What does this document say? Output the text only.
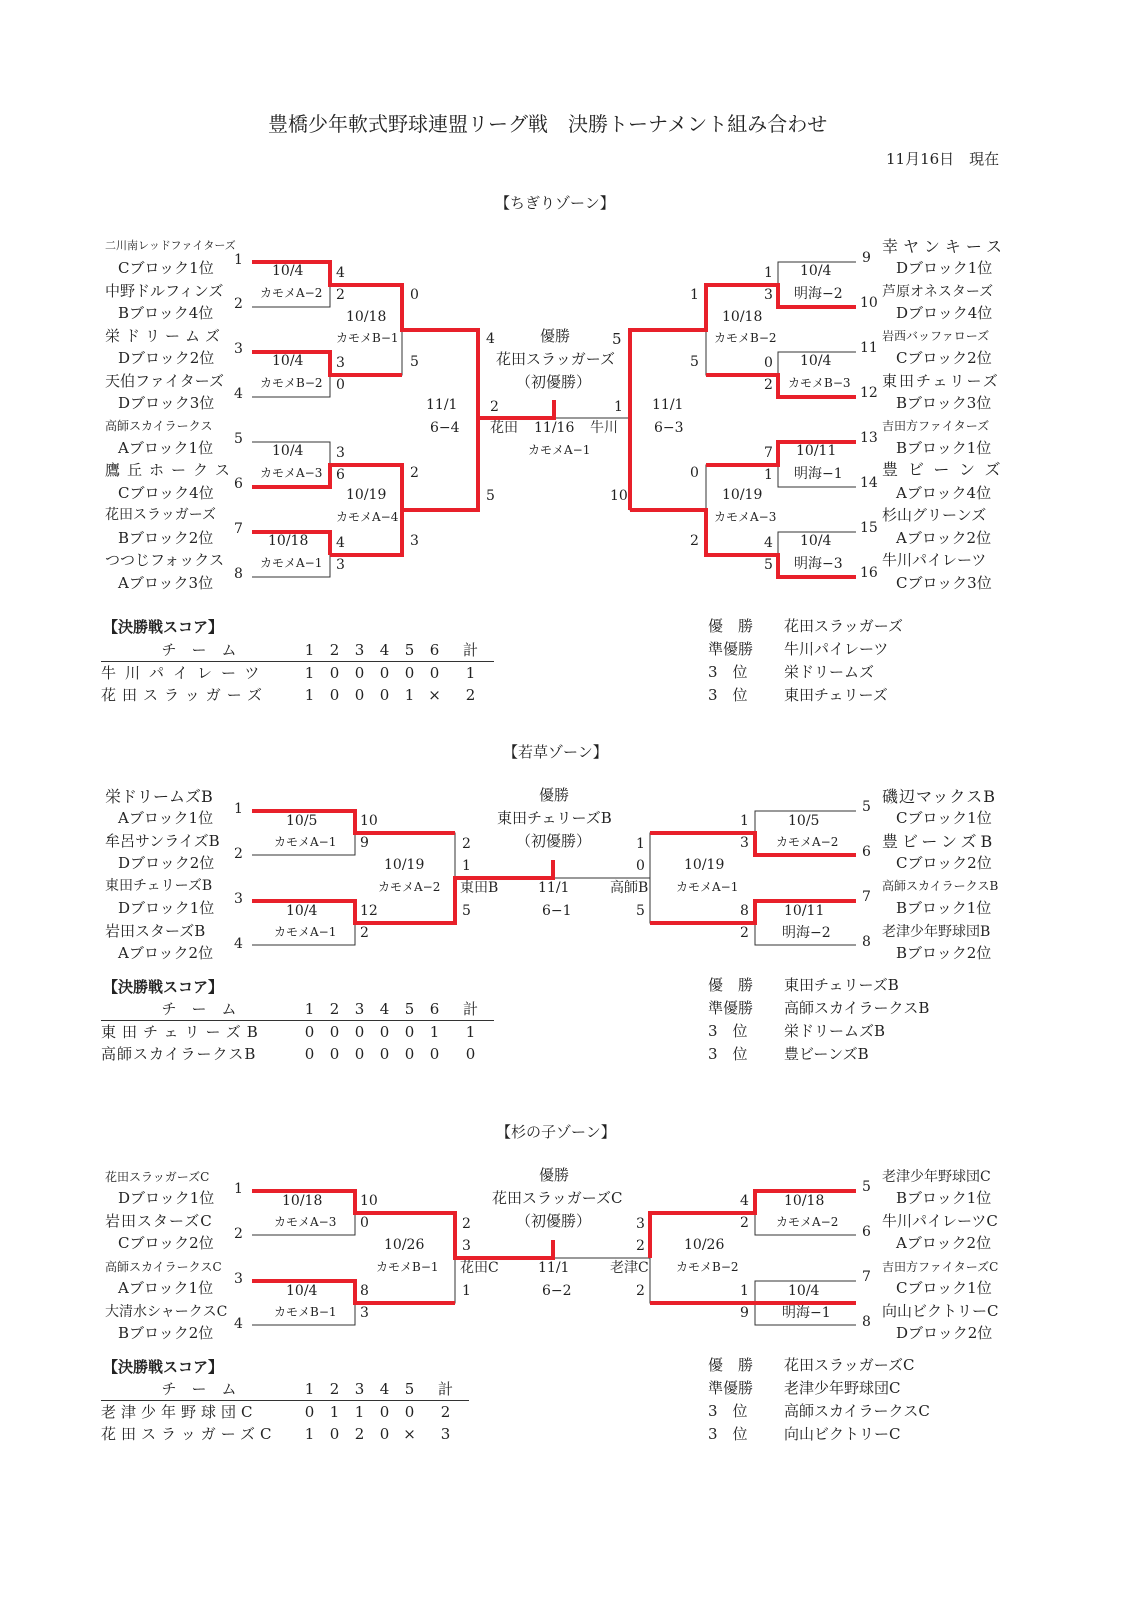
豊橋少年軟式野球連盟リーグ戦　決勝トーナメント組み合わせ
11月16日　現在
【ちぎりゾーン】
二川南レッドファイターズ
Cブロック1位
中野ドルフィンズ
Bブロック4位
栄ドリームズ
Dブロック2位
天伯ファイターズ
Dブロック3位
高師スカイラークス
Aブロック1位
鷹丘ホークス
Cブロック4位
花田スラッガーズ
Bブロック2位
つつじフォックス
Aブロック3位
1
2
3
4
5
6
7
8
10/4
カモメA−2
4
2
10/4
カモメB−2
3
0
10/4
カモメA−3
3
6
10/18
カモメA−1
4
3
10/18
カモメB−1
0
5
10/19
カモメA−4
2
3
11/1
6−4
4
5
優勝
花田スラッガーズ
（初優勝）
花田	牛川
11/16
カモメA−1
2	1
5
10
11/1
6−3
1
5
10/18
カモメB−2
0
2
10/19
カモメA−3
1
3
10/4
明海−2
0
2
10/4
カモメB−3
7
1
10/11
明海−1
4
5
10/4
明海−3
9
10
11
12
13
14
15
16
幸ヤンキース
Dブロック1位
芦原オネスターズ
Dブロック4位
岩西バッファローズ
Cブロック2位
東田チェリーズ
Bブロック3位
吉田方ファイターズ
Bブロック1位
豊ビーンズ
Aブロック4位
杉山グリーンズ
Aブロック2位
牛川パイレーツ
Cブロック3位
【決勝戦スコア】
チ　ー　ム	1	2	3	4	5	6	計
牛川パイレーツ	1	0	0	0	0	0	1
花田スラッガーズ	1	0	0	0	1	×	2
優　勝 花田スラッガーズ
準優勝 牛川パイレーツ
3　位 栄ドリームズ
3　位 東田チェリーズ
【若草ゾーン】
栄ドリームズB
Aブロック1位
牟呂サンライズB
Dブロック2位
東田チェリーズB
Dブロック1位
岩田スターズB
Aブロック2位
1
2
3
4
10/5
カモメA−1
10
9
10/4
カモメA−1
12
2
10/19
カモメA−2
2
5
優勝
東田チェリーズB
（初優勝）
1	0
東田B	11/1	高師B
6−1
1
5
10/19
カモメA−1
1
3
10/5
カモメA−2
8
2
10/11
明海−2
5
6
7
8
磯辺マックスB
Cブロック1位
豊ビーンズB
Cブロック2位
高師スカイラークスB
Bブロック1位
老津少年野球団B
Bブロック2位
【決勝戦スコア】
チ　ー　ム	1	2	3	4	5	6	計
東田チェリーズB	0	0	0	0	0	1	1
高師スカイラークスB	0	0	0	0	0	0	0
優　勝 東田チェリーズB
準優勝 高師スカイラークスB
3　位 栄ドリームズB
3　位 豊ビーンズB
【杉の子ゾーン】
花田スラッガーズC
Dブロック1位
岩田スターズC
Cブロック2位
高師スカイラークスC
Aブロック1位
大清水シャークスC
Bブロック2位
1
2
3
4
10/18
カモメA−3
10
0
10/4
カモメB−1
8
3
10/26
カモメB−1
2
1
優勝
花田スラッガーズC
（初優勝）
3	2
花田C	11/1	老津C
6−2
3
2
10/26
カモメB−2
4
2
10/18
カモメA−2
1
9
10/4
明海−1
5
6
7
8
老津少年野球団C
Bブロック1位
牛川パイレーツC
Aブロック2位
吉田方ファイターズC
Cブロック1位
向山ビクトリーC
Dブロック2位
【決勝戦スコア】
チ　ー　ム	1	2	3	4	5	計
老津少年野球団C	0	1	1	0	0	2
花田スラッガーズC	1	0	2	0	×	3
優　勝 花田スラッガーズC
準優勝 老津少年野球団C
3　位 高師スカイラークスC
3　位 向山ビクトリーC
